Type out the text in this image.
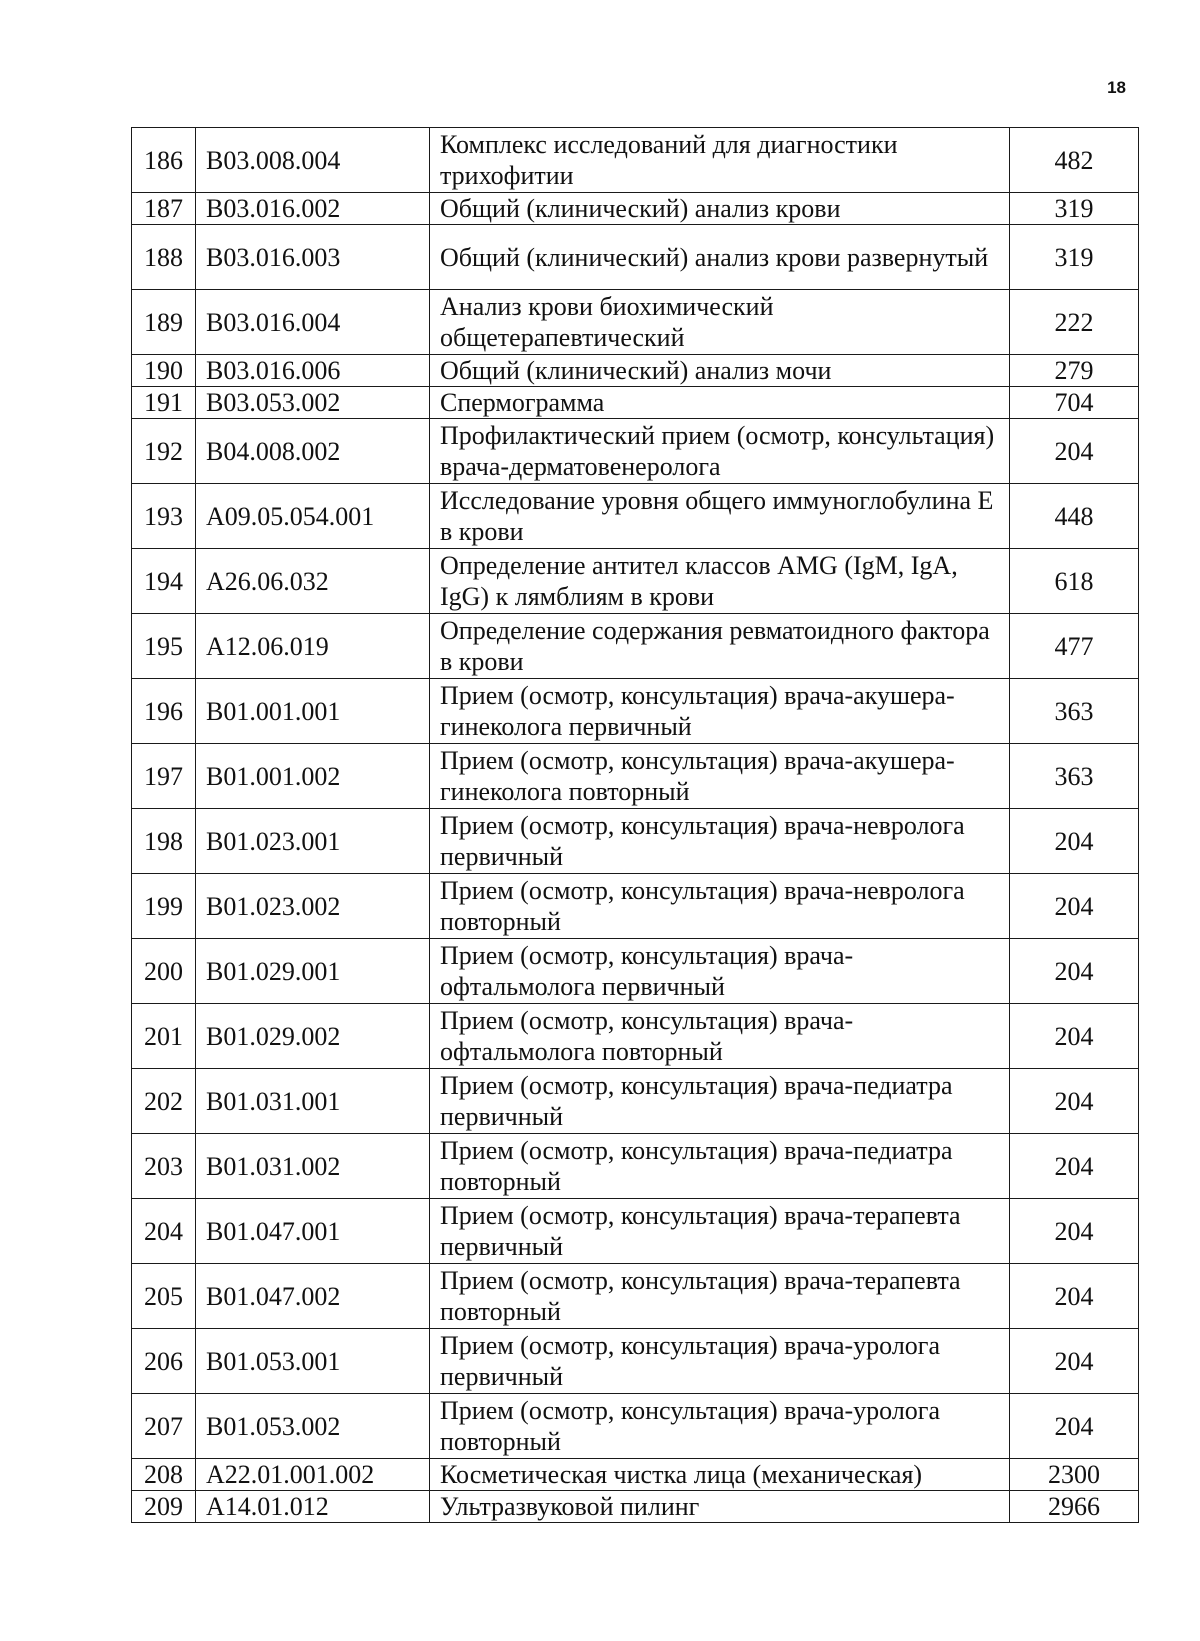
18
186	B03.008.004	Комплекс исследований для диагностики трихофитии	482
187	B03.016.002	Общий (клинический) анализ крови	319
188	B03.016.003	Общий (клинический) анализ крови развернутый	319
189	B03.016.004	Анализ крови биохимический общетерапевтический	222
190	B03.016.006	Общий (клинический) анализ мочи	279
191	B03.053.002	Спермограмма	704
192	B04.008.002	Профилактический прием (осмотр, консультация) врача-дерматовенеролога	204
193	A09.05.054.001	Исследование уровня общего иммуноглобулина Е в крови	448
194	A26.06.032	Определение антител классов AMG (IgM, IgA, IgG) к лямблиям в крови	618
195	A12.06.019	Определение содержания ревматоидного фактора в крови	477
196	B01.001.001	Прием (осмотр, консультация) врача-акушера-гинеколога первичный	363
197	B01.001.002	Прием (осмотр, консультация) врача-акушера-гинеколога повторный	363
198	B01.023.001	Прием (осмотр, консультация) врача-невролога первичный	204
199	B01.023.002	Прием (осмотр, консультация) врача-невролога повторный	204
200	B01.029.001	Прием (осмотр, консультация) врача-офтальмолога первичный	204
201	B01.029.002	Прием (осмотр, консультация) врача-офтальмолога повторный	204
202	B01.031.001	Прием (осмотр, консультация) врача-педиатра первичный	204
203	B01.031.002	Прием (осмотр, консультация) врача-педиатра повторный	204
204	B01.047.001	Прием (осмотр, консультация) врача-терапевта первичный	204
205	B01.047.002	Прием (осмотр, консультация) врача-терапевта повторный	204
206	B01.053.001	Прием (осмотр, консультация) врача-уролога первичный	204
207	B01.053.002	Прием (осмотр, консультация) врача-уролога повторный	204
208	A22.01.001.002	Косметическая чистка лица (механическая)	2300
209	A14.01.012	Ультразвуковой пилинг	2966
